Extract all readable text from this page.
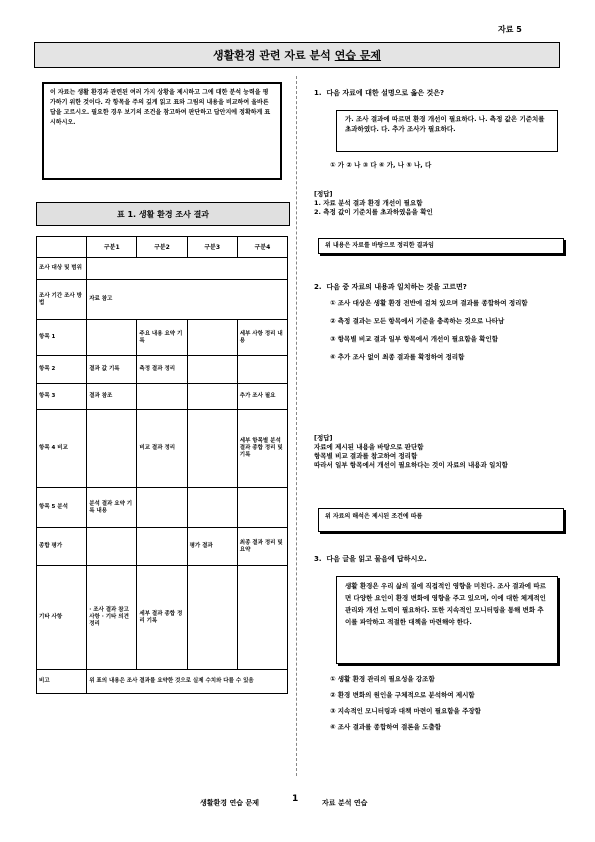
자료 5
생활환경 관련 자료 분석 연습 문제
이 자료는 생활 환경과 관련된 여러 가지 상황을 제시하고 그에 대한 분석 능력을 평가하기 위한 것이다. 각 항목을 주의 깊게 읽고 표와 그림의 내용을 비교하여 올바른 답을 고르시오. 필요한 경우 보기의 조건을 참고하여 판단하고 답안지에 정확하게 표시하시오.
표 1. 생활 환경 조사 결과
	구분1	구분2	구분3	구분4
조사 대상 및 범위				
조사 기간 조사 방법	자료 참고			
항목 1		주요 내용 요약 기록		세부 사항 정리 내용
항목 2	결과 값 기록	측정 결과 정리		
항목 3	결과 참조			추가 조사 필요
항목 4 비교		비교 결과 정리		세부 항목별 분석 결과 종합 정리 및 기록
항목 5 분석	분석 결과 요약 기록 내용			
종합 평가			평가 결과	최종 결과 정리 및 요약
기타 사항	· 조사 결과 참고 사항 · 기타 의견 정리	세부 결과 종합 정리 기록		
비고	위 표의 내용은 조사 결과를 요약한 것으로 실제 수치와 다를 수 있음			
1. 다음 자료에 대한 설명으로 옳은 것은?
가. 조사 결과에 따르면 환경 개선이 필요하다. 나. 측정 값은 기준치를 초과하였다. 다. 추가 조사가 필요하다.
① 가 ② 나 ③ 다 ④ 가, 나 ⑤ 나, 다
[정답]
1. 자료 분석 결과 환경 개선이 필요함
2. 측정 값이 기준치를 초과하였음을 확인
위 내용은 자료를 바탕으로 정리한 결과임
2. 다음 중 자료의 내용과 일치하는 것을 고르면?
① 조사 대상은 생활 환경 전반에 걸쳐 있으며 결과를 종합하여 정리함
② 측정 결과는 모든 항목에서 기준을 충족하는 것으로 나타남
③ 항목별 비교 결과 일부 항목에서 개선이 필요함을 확인함
④ 추가 조사 없이 최종 결과를 확정하여 정리함
[정답]
자료에 제시된 내용을 바탕으로 판단함
항목별 비교 결과를 참고하여 정리함
따라서 일부 항목에서 개선이 필요하다는 것이 자료의 내용과 일치함
위 자료의 해석은 제시된 조건에 따름
3. 다음 글을 읽고 물음에 답하시오.
생활 환경은 우리 삶의 질에 직접적인 영향을 미친다. 조사 결과에 따르면 다양한 요인이 환경 변화에 영향을 주고 있으며, 이에 대한 체계적인 관리와 개선 노력이 필요하다. 또한 지속적인 모니터링을 통해 변화 추이를 파악하고 적절한 대책을 마련해야 한다.
① 생활 환경 관리의 필요성을 강조함
② 환경 변화의 원인을 구체적으로 분석하여 제시함
③ 지속적인 모니터링과 대책 마련이 필요함을 주장함
④ 조사 결과를 종합하여 결론을 도출함
생활환경 연습 문제	1	자료 분석 연습
